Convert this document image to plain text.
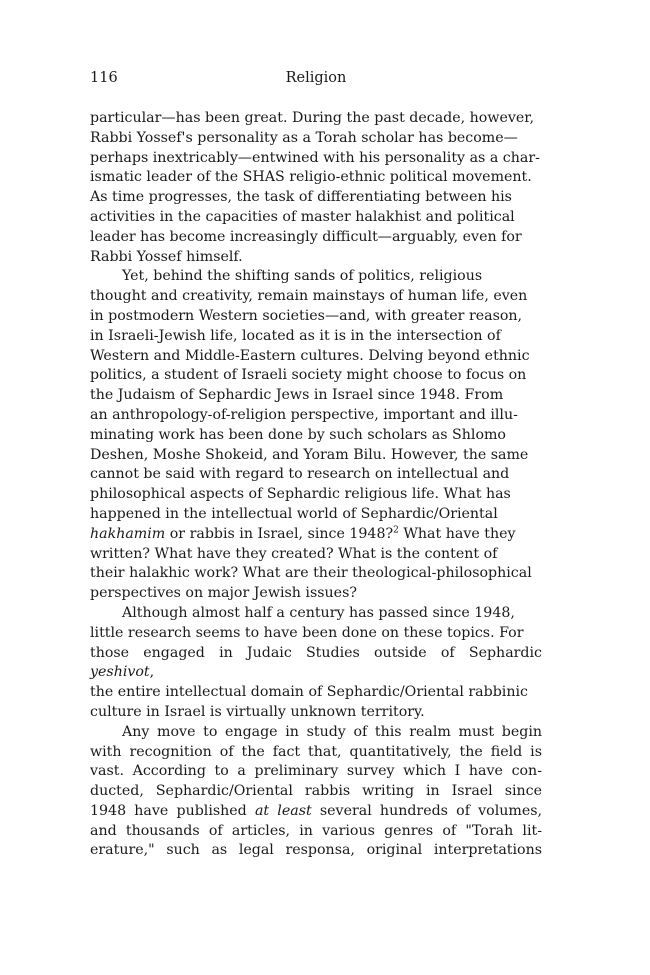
116	Religion

particular—has been great. During the past decade, however,
Rabbi Yossef's personality as a Torah scholar has become—
perhaps inextricably—entwined with his personality as a char-
ismatic leader of the SHAS religio-ethnic political movement.
As time progresses, the task of differentiating between his
activities in the capacities of master halakhist and political
leader has become increasingly difficult—arguably, even for
Rabbi Yossef himself.

Yet, behind the shifting sands of politics, religious
thought and creativity, remain mainstays of human life, even
in postmodern Western societies—and, with greater reason,
in Israeli-Jewish life, located as it is in the intersection of
Western and Middle-Eastern cultures. Delving beyond ethnic
politics, a student of Israeli society might choose to focus on
the Judaism of Sephardic Jews in Israel since 1948. From
an anthropology-of-religion perspective, important and illu-
minating work has been done by such scholars as Shlomo
Deshen, Moshe Shokeid, and Yoram Bilu. However, the same
cannot be said with regard to research on intellectual and
philosophical aspects of Sephardic religious life. What has
happened in the intellectual world of Sephardic/Oriental
hakhamim or rabbis in Israel, since 1948?$^2$ What have they
written? What have they created? What is the content of
their halakhic work? What are their theological-philosophical
perspectives on major Jewish issues?

Although almost half a century has passed since 1948,
little research seems to have been done on these topics. For
those engaged in Judaic Studies outside of Sephardic yeshivot,
the entire intellectual domain of Sephardic/Oriental rabbinic
culture in Israel is virtually unknown territory.

Any move to engage in study of this realm must begin
with recognition of the fact that, quantitatively, the field is
vast. According to a preliminary survey which I have con-
ducted, Sephardic/Oriental rabbis writing in Israel since
1948 have published at least several hundreds of volumes,
and thousands of articles, in various genres of "Torah lit-
erature," such as legal responsa, original interpretations
